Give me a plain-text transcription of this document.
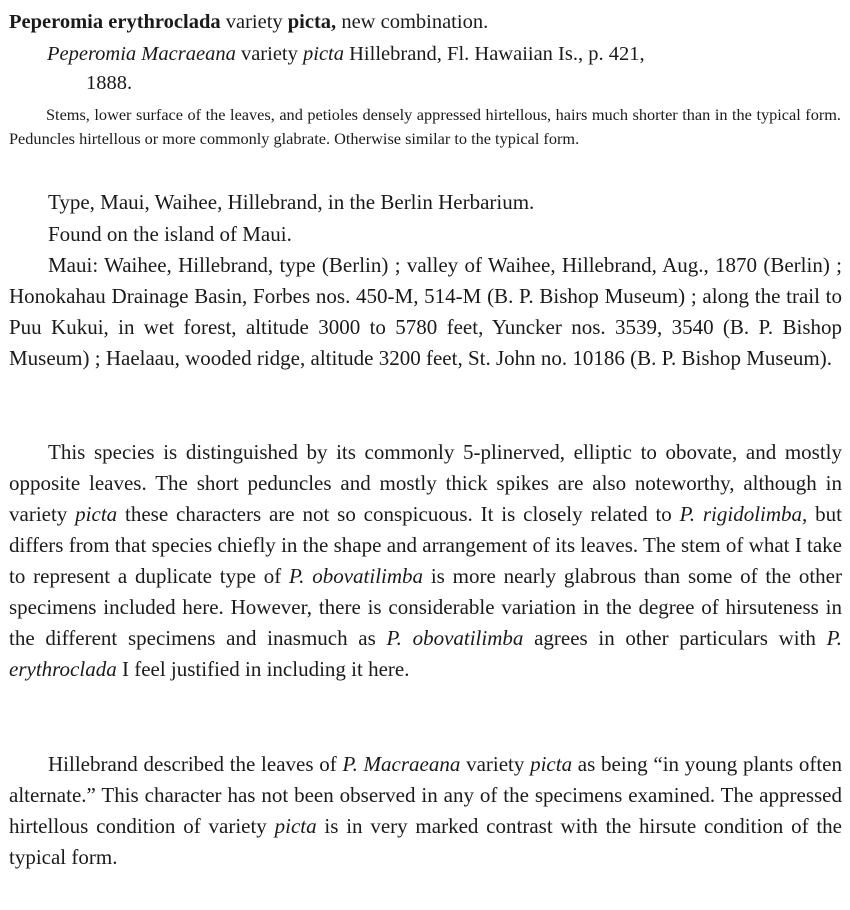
Peperomia erythroclada variety picta, new combination.
Peperomia Macraeana variety picta Hillebrand, Fl. Hawaiian Is., p. 421,
1888.
Stems, lower surface of the leaves, and petioles densely appressed hirtellous, hairs much shorter than in the typical form. Peduncles hirtellous or more commonly glabrate. Otherwise similar to the typical form.

Type, Maui, Waihee, Hillebrand, in the Berlin Herbarium.

Found on the island of Maui.

Maui: Waihee, Hillebrand, type (Berlin) ; valley of Waihee, Hillebrand, Aug., 1870 (Berlin) ; Honokahau Drainage Basin, Forbes nos. 450-M, 514-M (B. P. Bishop Museum) ; along the trail to Puu Kukui, in wet forest, altitude 3000 to 5780 feet, Yuncker nos. 3539, 3540 (B. P. Bishop Museum) ; Haelaau, wooded ridge, altitude 3200 feet, St. John no. 10186 (B. P. Bishop Museum).

This species is distinguished by its commonly 5-plinerved, elliptic to obovate, and mostly opposite leaves. The short peduncles and mostly thick spikes are also noteworthy, although in variety picta these characters are not so conspicuous. It is closely related to P. rigidolimba, but differs from that species chiefly in the shape and arrangement of its leaves. The stem of what I take to represent a duplicate type of P. obovatilimba is more nearly glabrous than some of the other specimens included here. However, there is considerable variation in the degree of hirsuteness in the different specimens and inasmuch as P. obovatilimba agrees in other particulars with P. erythroclada I feel justified in including it here.

Hillebrand described the leaves of P. Macraeana variety picta as being “in young plants often alternate.” This character has not been observed in any of the specimens examined. The appressed hirtellous condition of variety picta is in very marked contrast with the hirsute condition of the typical form.
